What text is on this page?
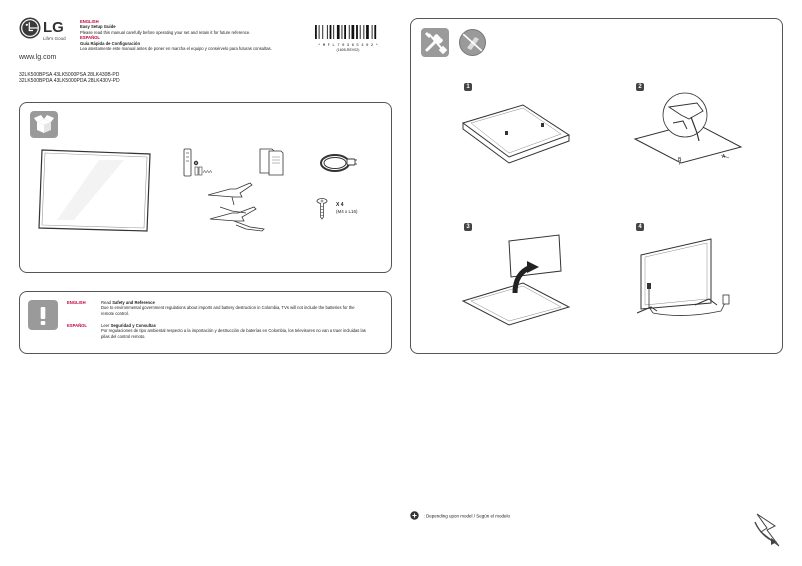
LG
Life's Good
www.lg.com
ENGLISH
Easy Setup Guide
Please read this manual carefully before operating your set and retain it for future reference.
ESPAÑOL
Guía Rápida de Configuración
Lea atentamente este manual antes de poner en marcha el equipo y consérvelo para futuras consultas.
* M F L 7 0 3 6 5 4 0 2 *
(1605-REV02)
32LK500BPSA 43LK5000PSA 28LK430B-PD
32LK500BPDA 43LK5000PDA 28LK430V-PD
AAA
X 4
(M4 x L16)
ENGLISH	Read Safety and Reference
Due to environmental government regulations about imports and battery destruction in Colombia, TVs will not include the batteries for the remote control.
ESPAÑOL	Leer Seguridad y Consultas
Por regulaciones de tipo ambiental respecto a la importación y destrucción de baterías en Colombia, los televisores no van a traer incluidas las pilas del control remoto.
1	2
A
B
3	4
: Depending upon model / Según el modelo
